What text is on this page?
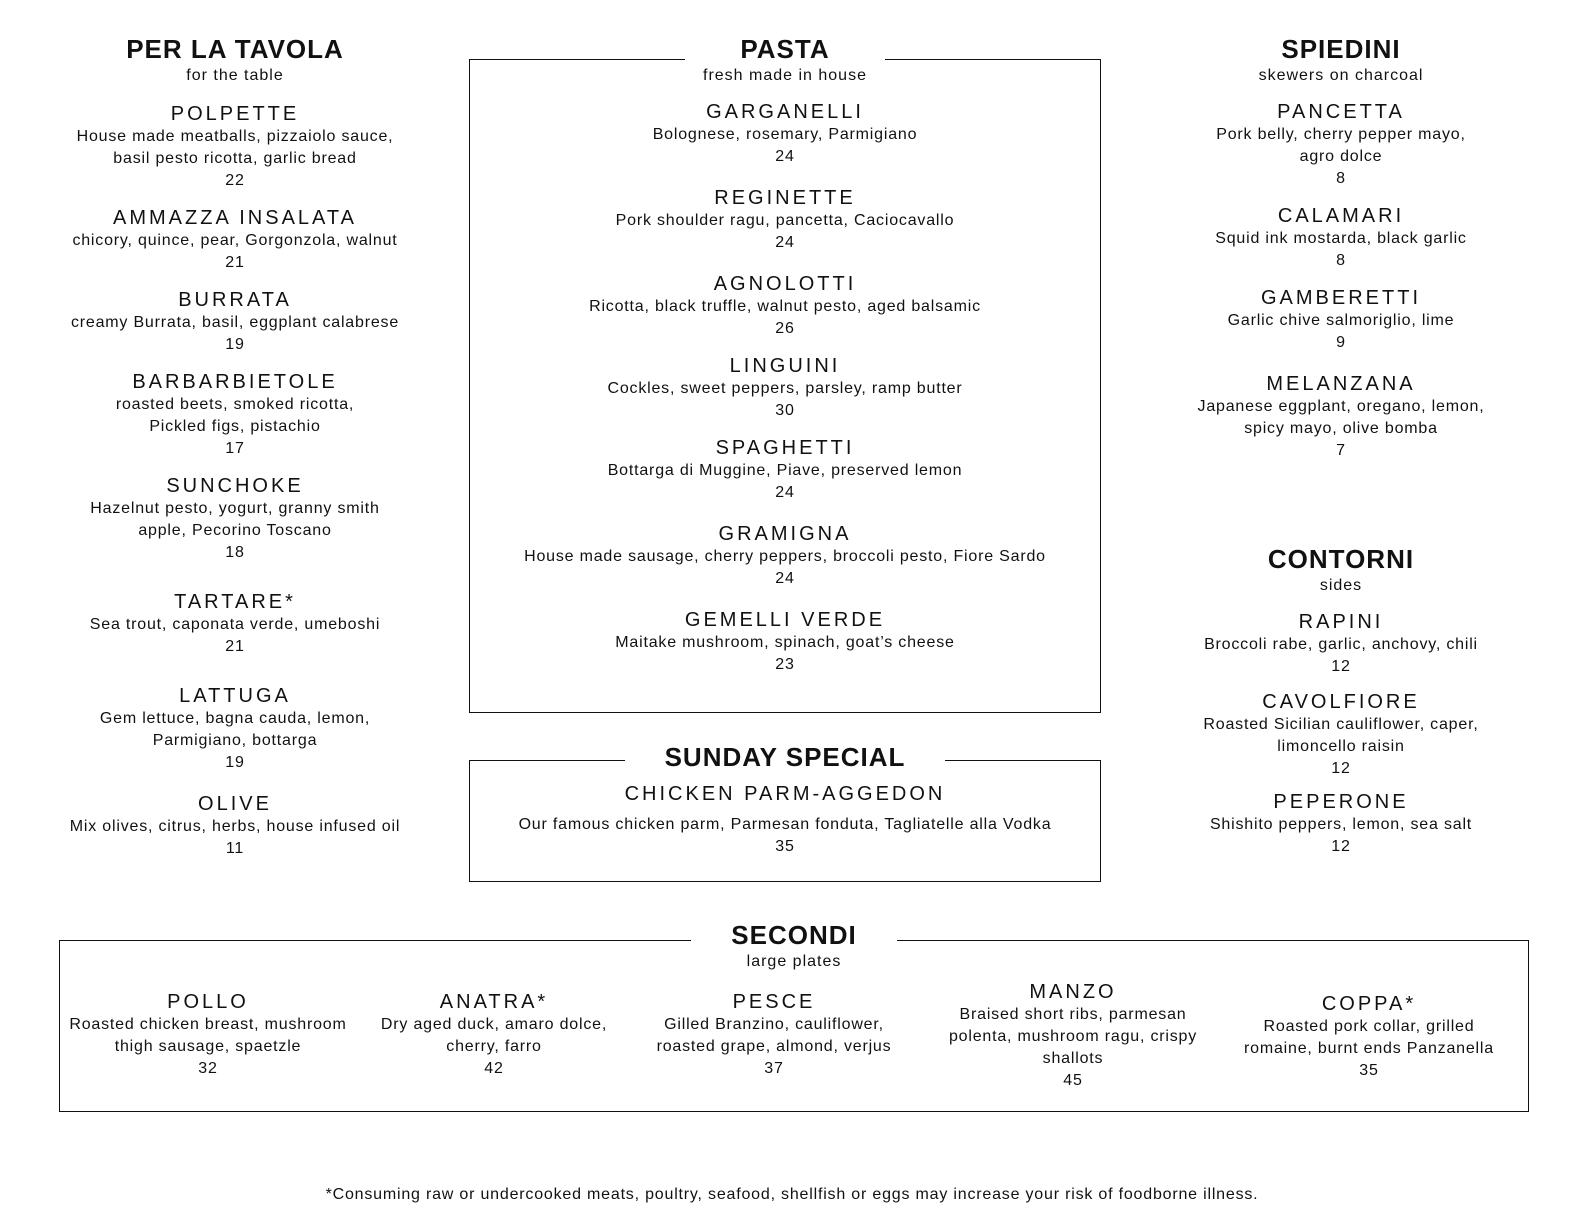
PER LA TAVOLA
for the table
POLPETTE
House made meatballs, pizzaiolo sauce, basil pesto ricotta, garlic bread
22
AMMAZZA INSALATA
chicory, quince, pear, Gorgonzola, walnut
21
BURRATA
creamy Burrata, basil, eggplant calabrese
19
BARBARBIETOLE
roasted beets, smoked ricotta, Pickled figs, pistachio
17
SUNCHOKE
Hazelnut pesto, yogurt, granny smith apple, Pecorino Toscano
18
TARTARE*
Sea trout, caponata verde, umeboshi
21
LATTUGA
Gem lettuce, bagna cauda, lemon, Parmigiano, bottarga
19
OLIVE
Mix olives, citrus, herbs, house infused oil
11
PASTA
fresh made in house
GARGANELLI
Bolognese, rosemary, Parmigiano
24
REGINETTE
Pork shoulder ragu, pancetta, Caciocavallo
24
AGNOLOTTI
Ricotta, black truffle, walnut pesto, aged balsamic
26
LINGUINI
Cockles, sweet peppers, parsley, ramp butter
30
SPAGHETTI
Bottarga di Muggine, Piave, preserved lemon
24
GRAMIGNA
House made sausage, cherry peppers, broccoli pesto, Fiore Sardo
24
GEMELLI VERDE
Maitake mushroom, spinach, goat’s cheese
23
SUNDAY SPECIAL
CHICKEN PARM-AGGEDON
Our famous chicken parm, Parmesan fonduta, Tagliatelle alla Vodka
35
SPIEDINI
skewers on charcoal
PANCETTA
Pork belly, cherry pepper mayo, agro dolce
8
CALAMARI
Squid ink mostarda, black garlic
8
GAMBERETTI
Garlic chive salmoriglio, lime
9
MELANZANA
Japanese eggplant, oregano, lemon, spicy mayo, olive bomba
7
CONTORNI
sides
RAPINI
Broccoli rabe, garlic, anchovy, chili
12
CAVOLFIORE
Roasted Sicilian cauliflower, caper, limoncello raisin
12
PEPERONE
Shishito peppers, lemon, sea salt
12
SECONDI
large plates
POLLO
Roasted chicken breast, mushroom thigh sausage, spaetzle
32
ANATRA*
Dry aged duck, amaro dolce, cherry, farro
42
PESCE
Gilled Branzino, cauliflower, roasted grape, almond, verjus
37
MANZO
Braised short ribs, parmesan polenta, mushroom ragu, crispy shallots
45
COPPA*
Roasted pork collar, grilled romaine, burnt ends Panzanella
35
*Consuming raw or undercooked meats, poultry, seafood, shellfish or eggs may increase your risk of foodborne illness.
